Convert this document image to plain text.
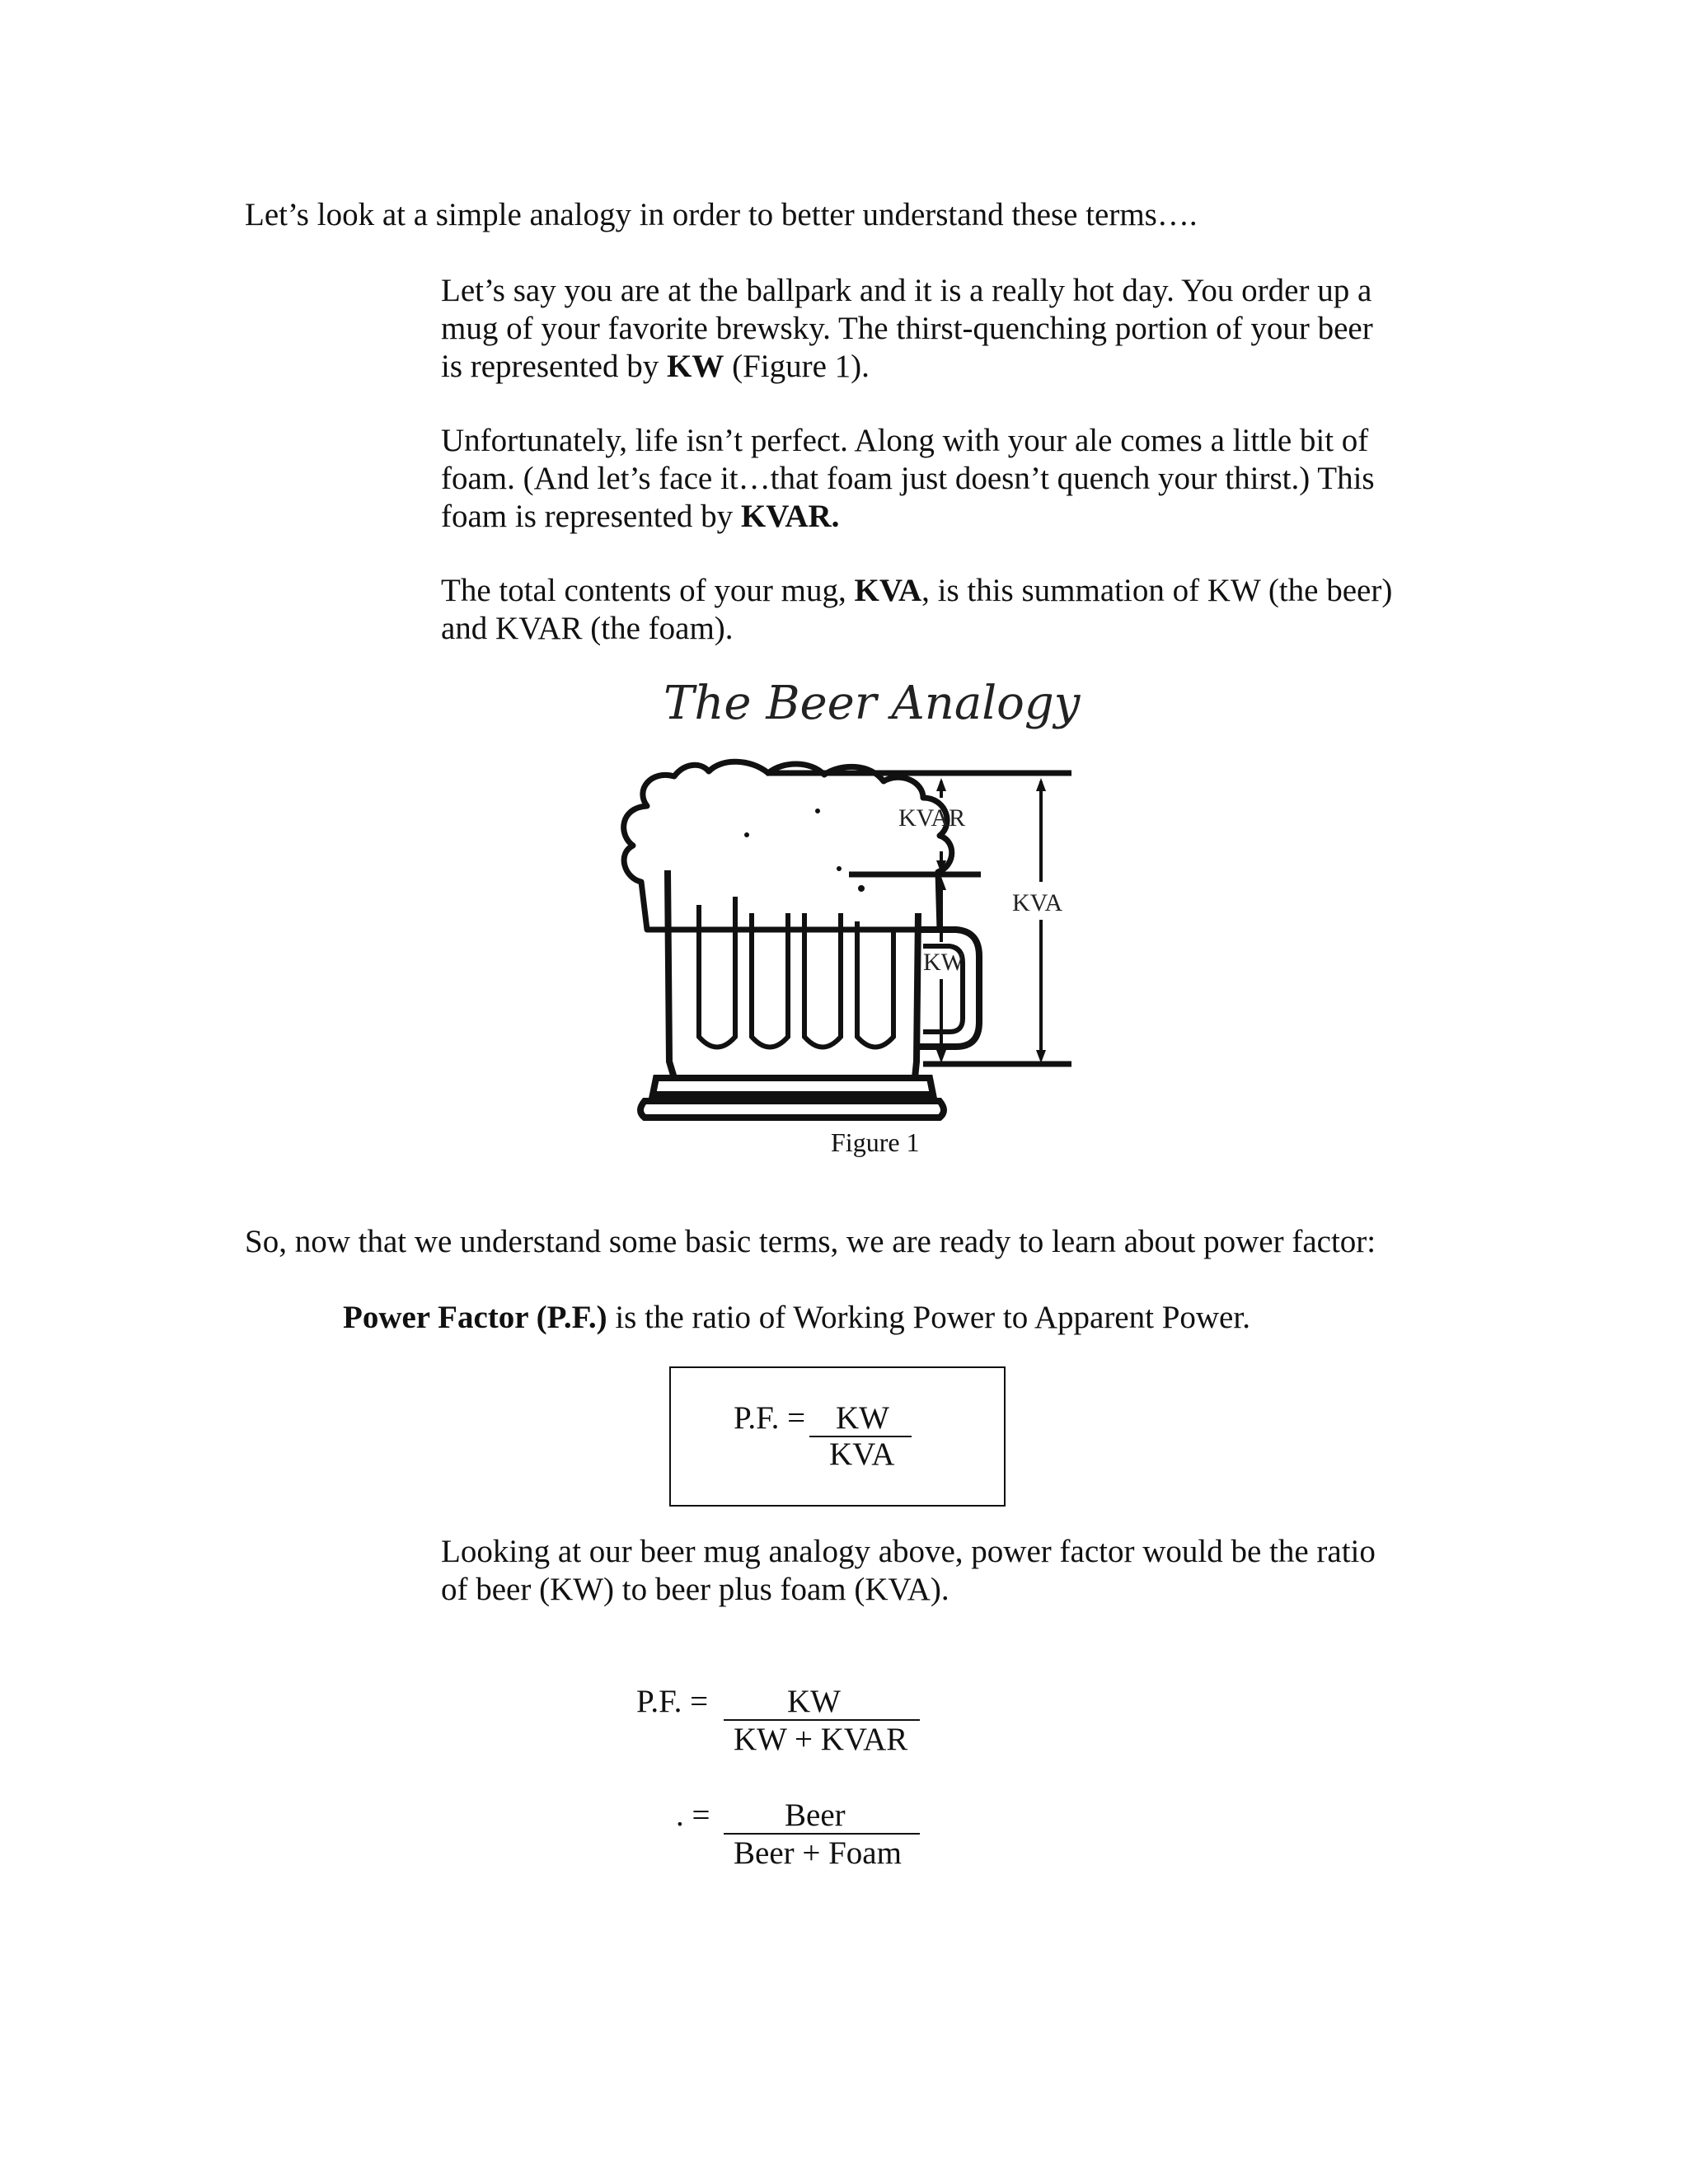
Let’s look at a simple analogy in order to better understand these terms….
Let’s say you are at the ballpark and it is a really hot day. You order up a
mug of your favorite brewsky. The thirst-quenching portion of your beer
is represented by KW (Figure 1).
Unfortunately, life isn’t perfect. Along with your ale comes a little bit of
foam. (And let’s face it…that foam just doesn’t quench your thirst.) This
foam is represented by KVAR.
The total contents of your mug, KVA, is this summation of KW (the beer)
and KVAR (the foam).
The Beer Analogy
KVAR
KW
KVA
Figure 1
So, now that we understand some basic terms, we are ready to learn about power factor:
Power Factor (P.F.) is the ratio of Working Power to Apparent Power.
P.F. = KW
KVA
Looking at our beer mug analogy above, power factor would be the ratio
of beer (KW) to beer plus foam (KVA).
P.F. = KW
KW + KVAR
. = Beer
Beer + Foam
